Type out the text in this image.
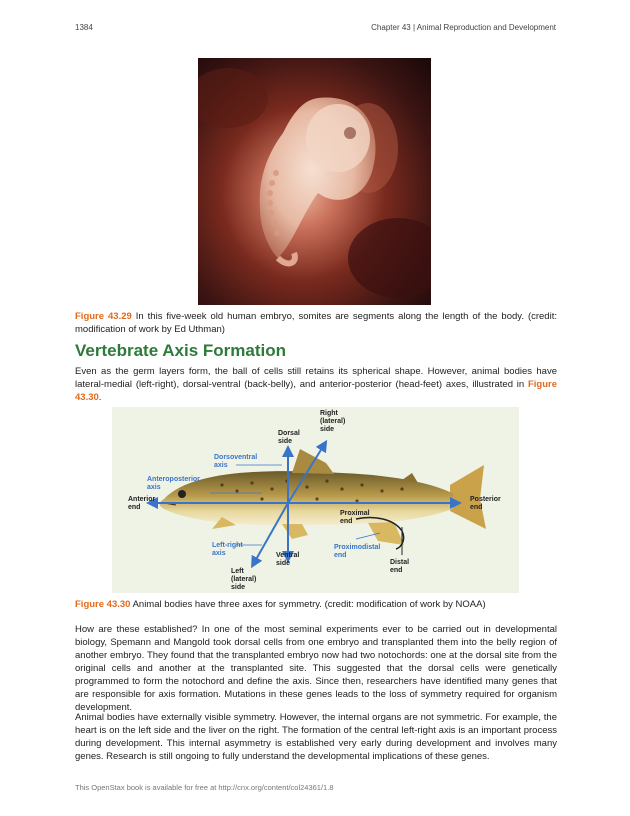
1384	Chapter 43 | Animal Reproduction and Development
Figure 43.29 In this five-week old human embryo, somites are segments along the length of the body. (credit: modification of work by Ed Uthman)
Vertebrate Axis Formation
Even as the germ layers form, the ball of cells still retains its spherical shape. However, animal bodies have lateral-medial (left-right), dorsal-ventral (back-belly), and anterior-posterior (head-feet) axes, illustrated in Figure 43.30.
Right
(lateral)
side
Dorsal
side
Dorsoventral
axis
Anteroposterior
axis
Anterior
end
Posterior
end
Proximal
end
Proximodistal
end
Left-right
axis	Ventral
side	Distal
end
Left
(lateral)
side
Figure 43.30 Animal bodies have three axes for symmetry. (credit: modification of work by NOAA)
How are these established? In one of the most seminal experiments ever to be carried out in developmental biology, Spemann and Mangold took dorsal cells from one embryo and transplanted them into the belly region of another embryo. They found that the transplanted embryo now had two notochords: one at the dorsal site from the original cells and another at the transplanted site. This suggested that the dorsal cells were genetically programmed to form the notochord and define the axis. Since then, researchers have identified many genes that are responsible for axis formation. Mutations in these genes leads to the loss of symmetry required for organism development.
Animal bodies have externally visible symmetry. However, the internal organs are not symmetric. For example, the heart is on the left side and the liver on the right. The formation of the central left-right axis is an important process during development. This internal asymmetry is established very early during development and involves many genes. Research is still ongoing to fully understand the developmental implications of these genes.
This OpenStax book is available for free at http://cnx.org/content/col24361/1.8
